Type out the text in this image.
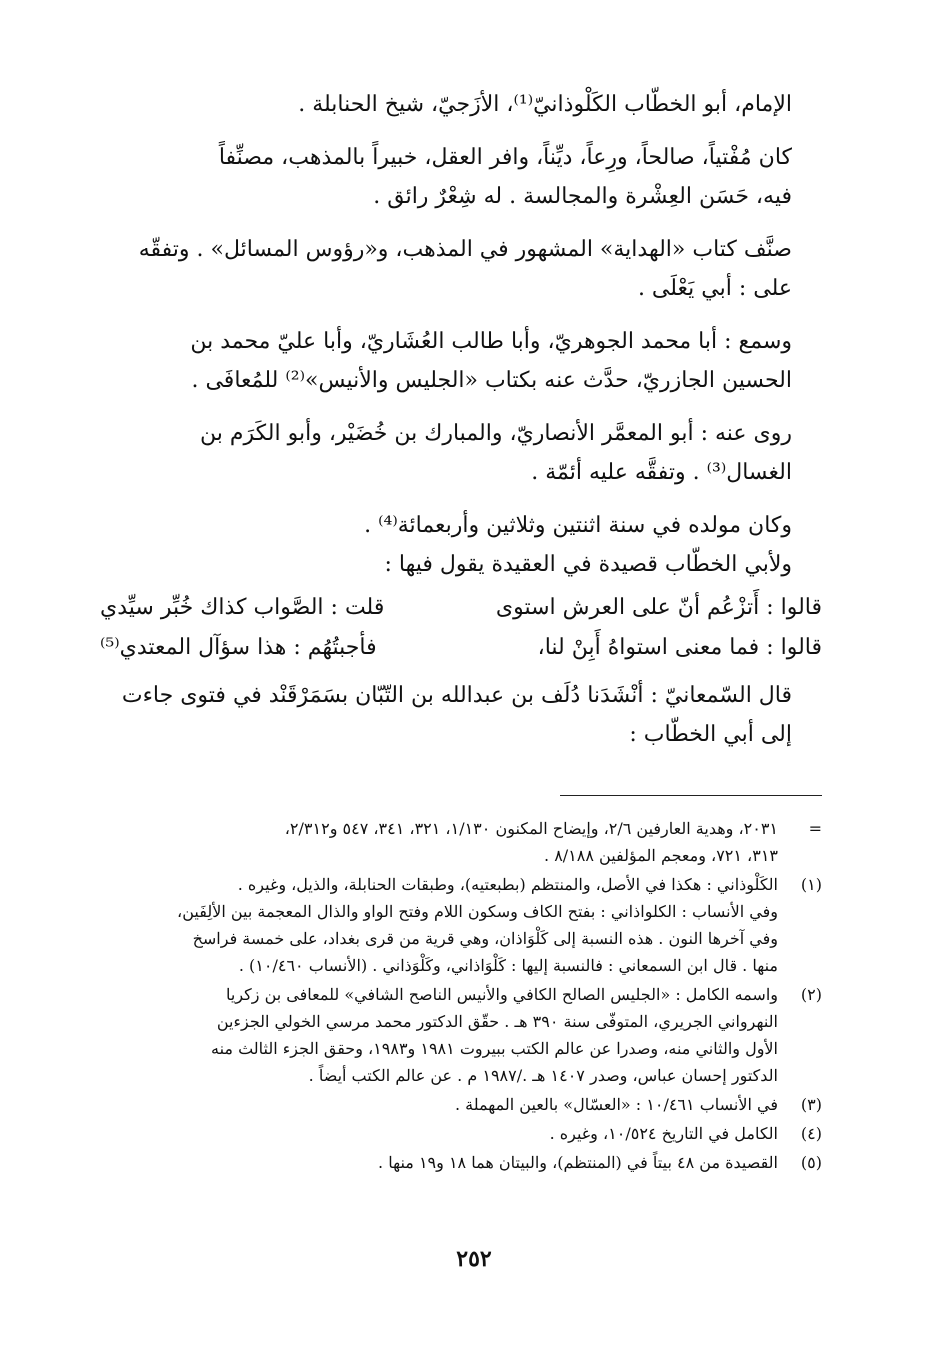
الإمام، أبو الخطّاب الكَلْوذانيّ⁽¹⁾، الأزَجيّ، شيخ الحنابلة .

كان مُفْتياً، صالحاً، ورِعاً، ديِّناً، وافر العقل، خبيراً بالمذهب، مصنِّفاً
فيه، حَسَن العِشْرة والمجالسة . له شِعْرٌ رائق .

صنَّف كتاب «الهداية» المشهور في المذهب، و«رؤوس المسائل» . وتفقّه
على : أبي يَعْلَى .

وسمع : أبا محمد الجوهريّ، وأبا طالب العُشَاريّ، وأبا عليّ محمد بن
الحسين الجازريّ، حدَّث عنه بكتاب «الجليس والأنيس»⁽²⁾ للمُعافَى .

روى عنه : أبو المعمَّر الأنصاريّ، والمبارك بن خُضَيْر، وأبو الكَرَم بن
الغسال⁽³⁾ . وتفقَّه عليه أئمّة .

وكان مولده في سنة اثنتين وثلاثين وأربعمائة⁽⁴⁾ .
ولأبي الخطّاب قصيدة في العقيدة يقول فيها :

قالوا : أَتزْعُم أنّ على العرش استوى
قلت : الصَّواب كذاك خُبِّر سيِّدي
قالوا : فما معنى استواهُ أَبِنْ لنا،
فأجبتُهُم : هذا سؤآل المعتدي⁽⁵⁾

قال السّمعانيّ : أنْشَدَنا دُلَف بن عبدالله بن التّبّان بسَمَرْقَنْد في فتوى جاءت
إلى أبي الخطّاب :

=
٢٠٣١، وهدية العارفين ٢/٦، وإيضاح المكنون ١/١٣٠، ٣٢١، ٣٤١، ٥٤٧ و٢/٣١٢،
٣١٣، ٧٢١، ومعجم المؤلفين ٨/١٨٨ .
(١)
الكَلْوذاني : هكذا في الأصل، والمنتظم (بطبعتيه)، وطبقات الحنابلة، والذيل، وغيره .
وفي الأنساب : الكلواذاني : بفتح الكاف وسكون اللام وفتح الواو والذال المعجمة بين الألِفَين،
وفي آخرها النون . هذه النسبة إلى كَلْوَاذان، وهي قرية من قرى بغداد، على خمسة فراسخ
منها . قال ابن السمعاني : فالنسبة إليها : كَلْوَاذاني، وكَلْوَذاني . (الأنساب ١٠/٤٦٠) .
(٢)
واسمه الكامل : «الجليس الصالح الكافي والأنيس الناصح الشافي» للمعافى بن زكريا
النهرواني الجريري، المتوفّى سنة ٣٩٠ هـ . حقّق الدكتور محمد مرسي الخولي الجزءين
الأول والثاني منه، وصدرا عن عالم الكتب ببيروت ١٩٨١ و١٩٨٣، وحقق الجزء الثالث منه
الدكتور إحسان عباس، وصدر ١٤٠٧ هـ ./١٩٨٧ م . عن عالم الكتب أيضاً .
(٣)
في الأنساب ١٠/٤٦١ : «العسّال» بالعين المهملة .
(٤)
الكامل في التاريخ ١٠/٥٢٤، وغيره .
(٥)
القصيدة من ٤٨ بيتاً في (المنتظم)، والبيتان هما ١٨ و١٩ منها .
٢٥٢
